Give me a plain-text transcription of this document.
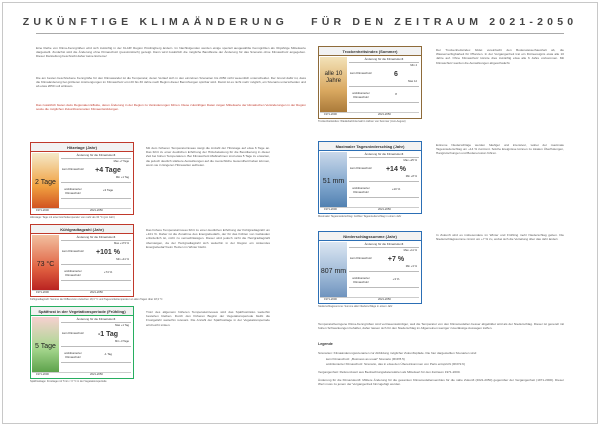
ZUKÜNFTIGE KLIMAÄNDERUNG FÜR DEN ZEITRAUM 2021-2050
Eine Reihe von Klima-Kenngrößen wird sich zukünftig in der KLAR! Region Pöstlingberg ändern. Im Nachfolgenden werden einige speziell ausgewählte Kenngrößen als 30-jährige Mittelwerte dargestellt. Zunächst wird die Änderung ohne Klimaschutz (pessimistisch) gezeigt. Dann wird zusätzlich die mögliche Bandbreite der Änderung für das Szenario ohne Klimaschutz angegeben. Dieser Darstellung beschreibt daher keine Extreme!
Die am besten beschriebene Kenngröße für den Klimawandel ist die Temperatur, deren Verlauf sich in den einzelnen Szenarien bis 2050 nicht wesentlich unterscheidet. Der Grund dafür ist, dass die Klimaänderung bei größeren Anstrengungen im Klimaschutz erst 20 bis 30 Jahre nach Beginn dieser Bemühungen spürbar wird. Damit ist es nicht mehr möglich, ein Szenario unterscheiden und ab etwa 2050 voll wirksam.
Das zusätzlich bieten dazu Regionalen Effekte, deren Änderung in der Region zu Veränderungen führen. Diese zukünftigen Daten zeigen Mittelwerte der klimatischen Veränderungen in der Region sowie die möglichen Zukunftsszenarien Klimaentwicklungen.
Hitzetage (Jahr)
2 Tage
Änderung für die Klimazukunft
kein Klimaschutz	+4 Tage
Max +7 Tage
Min +1 Tag
ambitionierter Klimaschutz
+3 Tage
1971-2000	2021-2050
Hitzetage: Tage mit einer Höchsttemperatur von mehr als 30 °C (pro Jahr)
Kühlgradtagzahl (Jahr)
73 °C
Änderung für die Klimazukunft
kein Klimaschutz	+101 %
Max +173 %
Min +41 %
ambitionierter Klimaschutz
+74 %
1971-2000	2021-2050
Kühlgradtagzahl: Summe der Differenzen zwischen 18,3 °C und Tagesmitteltemperatur an allen Tagen über 18,3 °C
Spätfrost in der Vegetationsperiode (Frühling)
5 Tage
Änderung für die Klimazukunft
kein Klimaschutz	-1 Tag
Max +1 Tag
Min -3 Tage
ambitionierter Klimaschutz
-1 Tag
1971-2000	2021-2050
Spätfrosttage: Frosttage mit Tmin < 0 °C in der Vegetationsperiode
Trockenheitsindex (Sommer)
alle 10 Jahre
Änderung für die Klimazukunft
kein Klimaschutz	6
Min 4
Max 12
ambitionierter Klimaschutz
8
1971-2000	2021-2050
Trockenheitsindex: Wiederkehrintervall in Jahren von Sommer (Juni-August)
Maximaler Tagesniederschlag (Jahr)
51 mm
Änderung für die Klimazukunft
kein Klimaschutz	+14 %
Max +25 %
Min +8 %
ambitionierter Klimaschutz
+10 %
1971-2000	2021-2050
Maximaler Tagesniederschlag: Größter Tagesniederschlag in einem Jahr
Niederschlagssumme (Jahr)
807 mm
Änderung für die Klimazukunft
kein Klimaschutz	+7 %
Max +11 %
Min +3 %
ambitionierter Klimaschutz
+3 %
1971-2000	2021-2050
Niederschlagssumme: Summe aller Niederschläge in einem Jahr
Mit dem höheren Temperaturniveau steigt die Anzahl der Hitzetage auf etwa 6 Tage an. Das führt zu einer deutlichen Erhöhung der Hitzebelastung für die Bevölkerung in dieser Zeit bei hohen Temperaturen. Bei Klimaschutz-Maßnahmen sind etwa 5 Tage zu erwarten, die jedoch deutlich stärkere Auswirkungen auf die menschliche Gesundheit haben können, wenn sie in längeren Hitzewellen auftreten.
Das höhere Temperaturniveau führt zu einer deutlichen Erhöhung der Kühlgradtagzahl um +101 %. Daher ist die Zunahme des Energiebedarfs, der für das Kühlen von Gebäuden erforderlich ist, nicht zu vernachlässigen. Dieser wird jedoch nicht die Heizgradtagzahl übersteigen, da der Heizgradtagzahl sich weiterhin in der Region ein sinkendes Energiebedarf beim Heizen im Winter bleibt.
Trotz des allgemein höheren Temperaturniveaus wird das Spätfrostrisiko weiterhin bestehen bleiben. Durch den früheren Beginn der Vegetationsperiode bleibt die Frostgefahr weiterhin relevant. Die Anzahl der Spätfrosttage in der Vegetationsperiode wird leicht sinken.
Der Trockenheitsindex bildet vereinfacht den Bodenwasserhaushalt ab, die Wasserverfügbarkeit für Pflanzen. In der Vergangenheit trat ein Dürreereignis etwa alle 10 Jahre auf. Ohne Klimaschutz könnte dies zukünftig etwa alle 6 Jahre vorkommen. Mit Klimaschutz werden die Auswirkungen abgeschwächt.
Extreme Niederschläge werden häufiger und intensiver, wobei der maximale Tagesniederschlag um +14 % zunimmt. Solche Ereignisse können zu lokalen Überflutungen, Hangrutschungen und Bodenerosion führen.
In Zukunft wird es insbesondere im Winter und Frühling mehr Niederschlag geben. Die Niederschlagssumme nimmt um +7 % zu, wobei sich die Verteilung über das Jahr ändert.
Temperaturbezogene Klima-Kenngrößen sind vertrauenswürdiger, weil die Temperatur von den Klimamodellen besser abgebildet wird als der Niederschlag. Dieser ist generell mit hohen Schwankungen behaftet, daher lassen sich für den Niederschlag im Allgemeinen weniger zuverlässige Aussagen treffen.
Legende
Szenarien: Klimaänderungsszenarien zur Abbildung möglicher Zukunftspfade. Die hier dargestellten Szenarien sind:
kein Klimaschutz: „Business as usual" Szenario (RCP8.5)
ambitionierter Klimaschutz: Szenario, das in etwa den Übereinkommen von Paris entspricht (RCP2.6)
Vergangenheit: Referenzwert aus Beobachtungsdatensätzen als Mittelwert für den Zeitraum 1971-2000.
Änderung für die Klimazukunft: Mittlere Änderung für die gesamten Klimamodellensembles für die nahe Zukunft (2021-2050) gegenüber der Vergangenheit (1971-2000). Dieser Wert muss zu jenem der Vergangenheit hinzugefügt werden.
